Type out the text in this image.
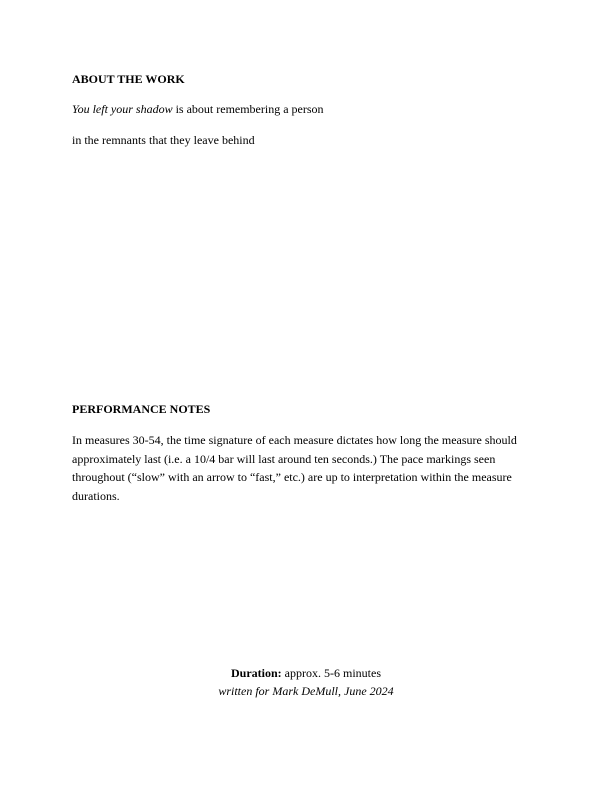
ABOUT THE WORK

You left your shadow is about remembering a person

in the remnants that they leave behind

PERFORMANCE NOTES

In measures 30-54, the time signature of each measure dictates how long the measure should approximately last (i.e. a 10/4 bar will last around ten seconds.) The pace markings seen throughout (“slow” with an arrow to “fast,” etc.) are up to interpretation within the measure durations.

Duration: approx. 5-6 minutes
written for Mark DeMull, June 2024
